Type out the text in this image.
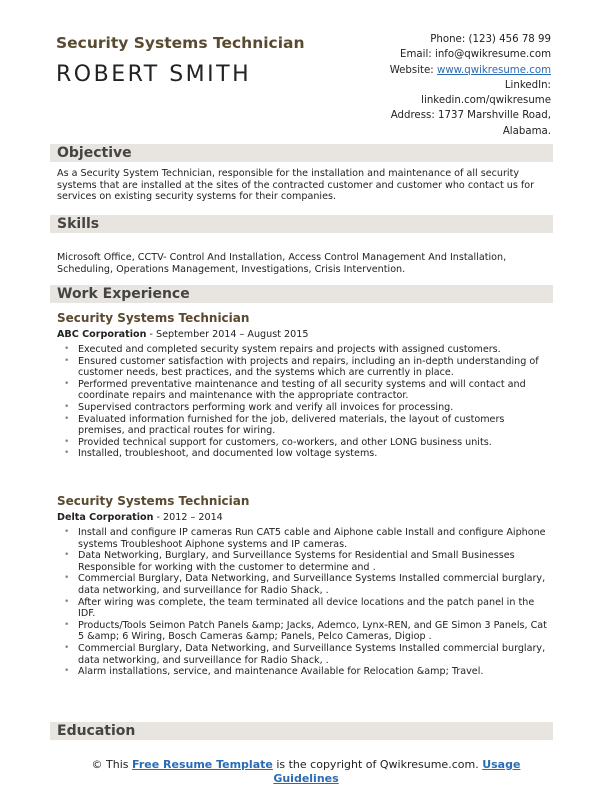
Security Systems Technician
ROBERT SMITH
Phone: (123) 456 78 99
Email: info@qwikresume.com
Website: www.qwikresume.com
LinkedIn:
linkedin.com/qwikresume
Address: 1737 Marshville Road,
Alabama.
Objective
As a Security System Technician, responsible for the installation and maintenance of all security systems that are installed at the sites of the contracted customer and customer who contact us for services on existing security systems for their companies.
Skills
Microsoft Office, CCTV- Control And Installation, Access Control Management And Installation, Scheduling, Operations Management, Investigations, Crisis Intervention.
Work Experience

Security Systems Technician

ABC Corporation - September 2014 – August 2015
• Executed and completed security system repairs and projects with assigned customers.
• Ensured customer satisfaction with projects and repairs, including an in-depth understanding of customer needs, best practices, and the systems which are currently in place.
• Performed preventative maintenance and testing of all security systems and will contact and coordinate repairs and maintenance with the appropriate contractor.
• Supervised contractors performing work and verify all invoices for processing.
• Evaluated information furnished for the job, delivered materials, the layout of customers premises, and practical routes for wiring.
• Provided technical support for customers, co-workers, and other LONG business units.
• Installed, troubleshoot, and documented low voltage systems.

Security Systems Technician

Delta Corporation - 2012 – 2014
• Install and configure IP cameras Run CAT5 cable and Aiphone cable Install and configure Aiphone systems Troubleshoot Aiphone systems and IP cameras.
• Data Networking, Burglary, and Surveillance Systems for Residential and Small Businesses Responsible for working with the customer to determine and .
• Commercial Burglary, Data Networking, and Surveillance Systems Installed commercial burglary, data networking, and surveillance for Radio Shack, .
• After wiring was complete, the team terminated all device locations and the patch panel in the IDF.
• Products/Tools Seimon Patch Panels &amp; Jacks, Ademco, Lynx-REN, and GE Simon 3 Panels, Cat 5 &amp; 6 Wiring, Bosch Cameras &amp; Panels, Pelco Cameras, Digiop .
• Commercial Burglary, Data Networking, and Surveillance Systems Installed commercial burglary, data networking, and surveillance for Radio Shack, .
• Alarm installations, service, and maintenance Available for Relocation &amp; Travel.
Education
© This Free Resume Template is the copyright of Qwikresume.com. Usage Guidelines
